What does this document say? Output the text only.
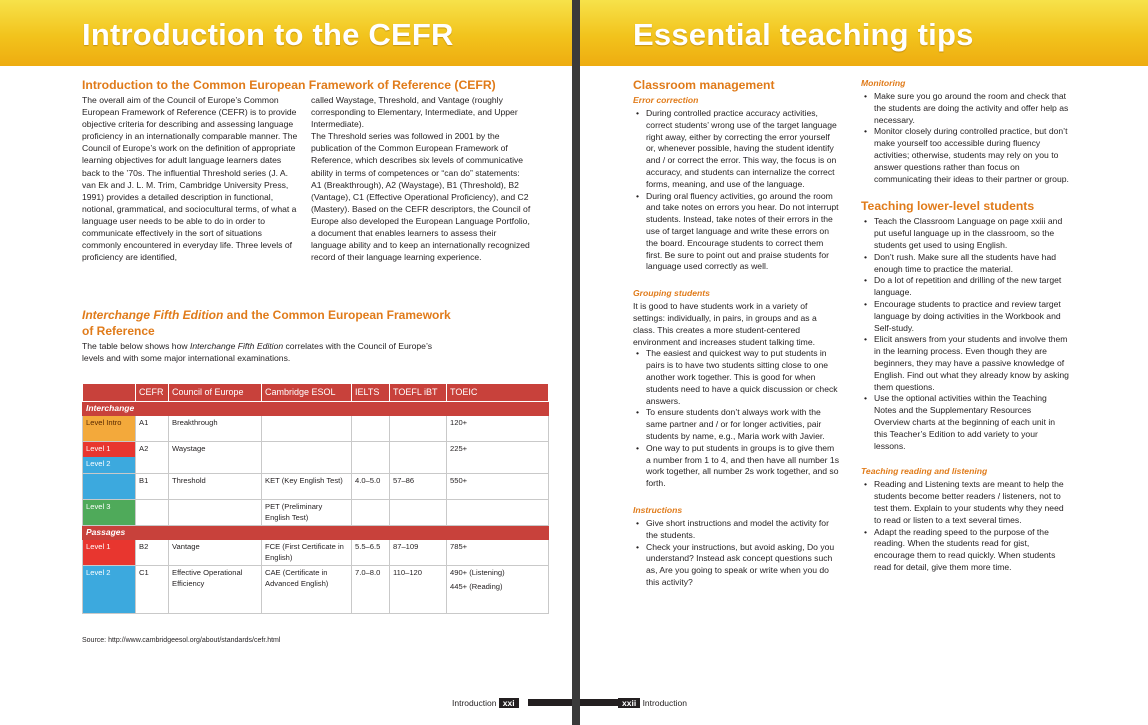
Introduction to the CEFR
Introduction to the Common European Framework of Reference (CEFR)

The overall aim of the Council of Europe’s Common European Framework of Reference (CEFR) is to provide objective criteria for describing and assessing language proficiency in an internationally comparable manner. The Council of Europe’s work on the definition of appropriate learning objectives for adult language learners dates back to the ’70s. The influential Threshold series (J. A. van Ek and J. L. M. Trim, Cambridge University Press, 1991) provides a detailed description in functional, notional, grammatical, and sociocultural terms, of what a language user needs to be able to do in order to communicate effectively in the sort of situations commonly encountered in everyday life. Three levels of proficiency are identified,

called Waystage, Threshold, and Vantage (roughly corresponding to Elementary, Intermediate, and Upper Intermediate).

The Threshold series was followed in 2001 by the publication of the Common European Framework of Reference, which describes six levels of communicative ability in terms of competences or “can do” statements: A1 (Breakthrough), A2 (Waystage), B1 (Threshold), B2 (Vantage), C1 (Effective Operational Proficiency), and C2 (Mastery). Based on the CEFR descriptors, the Council of Europe also developed the European Language Portfolio, a document that enables learners to assess their language ability and to keep an internationally recognized record of their language learning experience.

Interchange Fifth Edition and the Common European Framework of Reference
The table below shows how Interchange Fifth Edition correlates with the Council of Europe’s levels and with some major international examinations.
	CEFR	Council of Europe	Cambridge ESOL	IELTS	TOEFL iBT	TOEIC
Interchange						
Level Intro	A1	Breakthrough				120+

Level 1
Level 2	A2	Waystage				225+
	B1	Threshold	KET (Key English Test)	4.0–5.0	57–86	550+
Level 3			PET (Preliminary English Test)			
Passages						
Level 1	B2	Vantage	FCE (First Certificate in English)	5.5–6.5	87–109	785+
Level 2	C1	Effective Operational Efficiency	CAE (Certificate in Advanced English)	7.0–8.0	110–120	490+ (Listening)
445+ (Reading)
Source: http://www.cambridgeesol.org/about/standards/cefr.html
Introduction xxi
Essential teaching tips
Classroom management
Error correction
• During controlled practice accuracy activities, correct students’ wrong use of the target language right away, either by correcting the error yourself or, whenever possible, having the student identify and / or correct the error. This way, the focus is on accuracy, and students can internalize the correct forms, meaning, and use of the language.
• During oral fluency activities, go around the room and take notes on errors you hear. Do not interrupt students. Instead, take notes of their errors in the use of target language and write these errors on the board. Encourage students to correct them first. Be sure to point out and praise students for language used correctly as well.
Grouping students
It is good to have students work in a variety of settings: individually, in pairs, in groups and as a class. This creates a more student-centered environment and increases student talking time.
• The easiest and quickest way to put students in pairs is to have two students sitting close to one another work together. This is good for when students need to have a quick discussion or check answers.
• To ensure students don’t always work with the same partner and / or for longer activities, pair students by name, e.g., Maria work with Javier.
• One way to put students in groups is to give them a number from 1 to 4, and then have all number 1s work together, all number 2s work together, and so forth.
Instructions
• Give short instructions and model the activity for the students.
• Check your instructions, but avoid asking, Do you understand? Instead ask concept questions such as, Are you going to speak or write when you do this activity?
Monitoring
• Make sure you go around the room and check that the students are doing the activity and offer help as necessary.
• Monitor closely during controlled practice, but don’t make yourself too accessible during fluency activities; otherwise, students may rely on you to answer questions rather than focus on communicating their ideas to their partner or group.
Teaching lower-level students
• Teach the Classroom Language on page xxiii and put useful language up in the classroom, so the students get used to using English.
• Don’t rush. Make sure all the students have had enough time to practice the material.
• Do a lot of repetition and drilling of the new target language.
• Encourage students to practice and review target language by doing activities in the Workbook and Self-study.
• Elicit answers from your students and involve them in the learning process. Even though they are beginners, they may have a passive knowledge of English. Find out what they already know by asking them questions.
• Use the optional activities within the Teaching Notes and the Supplementary Resources Overview charts at the beginning of each unit in this Teacher’s Edition to add variety to your lessons.
Teaching reading and listening
• Reading and Listening texts are meant to help the students become better readers / listeners, not to test them. Explain to your students why they need to read or listen to a text several times.
• Adapt the reading speed to the purpose of the reading. When the students read for gist, encourage them to read quickly. When students read for detail, give them more time.
xxii Introduction
